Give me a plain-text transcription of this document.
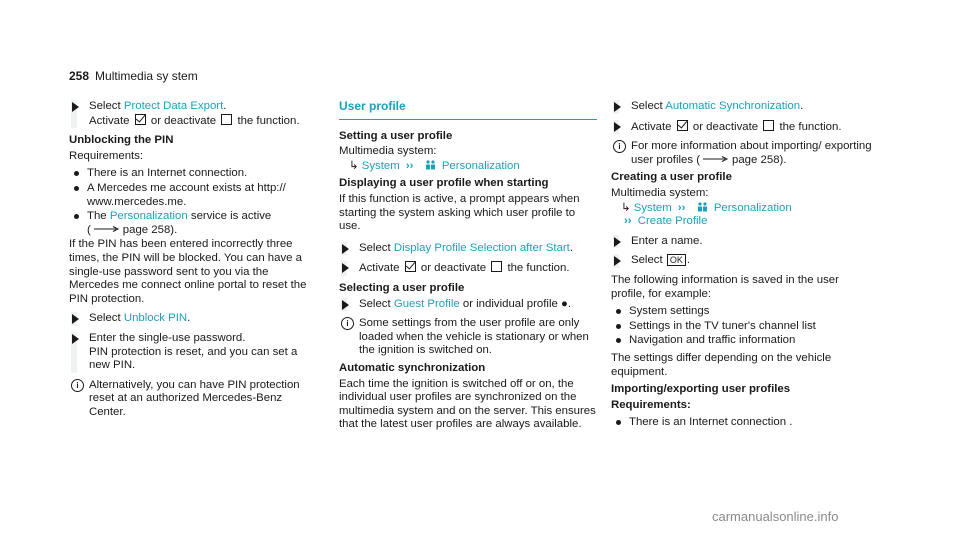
258 Multimedia sy stem
Select Protect Data Export.
Activate or deactivate the function.
Unblocking the PIN
Requirements:
There is an Internet connection.
A Mercedes me account exists at http:// www.mercedes.me.
The Personalization service is active
(	page 258).
If the PIN has been entered incorrectly three times, the PIN will be blocked. You can have a single-use password sent to you via the Mercedes me connect online portal to reset the PIN protection.
Select Unblock PIN.
Enter the single-use password.
PIN protection is reset, and you can set a new PIN.
i Alternatively, you can have PIN protection reset at an authorized Mercedes-Benz Center.
User profile
Setting a user profile
Multimedia system:
↳ System ›› Personalization
Displaying a user profile when starting
If this function is active, a prompt appears when starting the system asking which user profile to use.
Select Display Profile Selection after Start.
Activate or deactivate the function.
Selecting a user profile
Select Guest Profile or individual profile ●.
i Some settings from the user profile are only loaded when the vehicle is stationary or when the ignition is switched on.
Automatic synchronization
Each time the ignition is switched off or on, the individual user profiles are synchronized on the multimedia system and on the server. This ensures that the latest user profiles are always available.
Select Automatic Synchronization.
Activate or deactivate the function.
i For more information about importing/ exporting user profiles (	page 258).
Creating a user profile
Multimedia system:
↳ System ›› Personalization
›› Create Profile
Enter a name.
Select OK .
The following information is saved in the user profile, for example:
System settings
Settings in the TV tuner's channel list
Navigation and traffic information
The settings differ depending on the vehicle equipment.
Importing/exporting user profiles
Requirements:
There is an Internet connection .
carmanualsonline.info
